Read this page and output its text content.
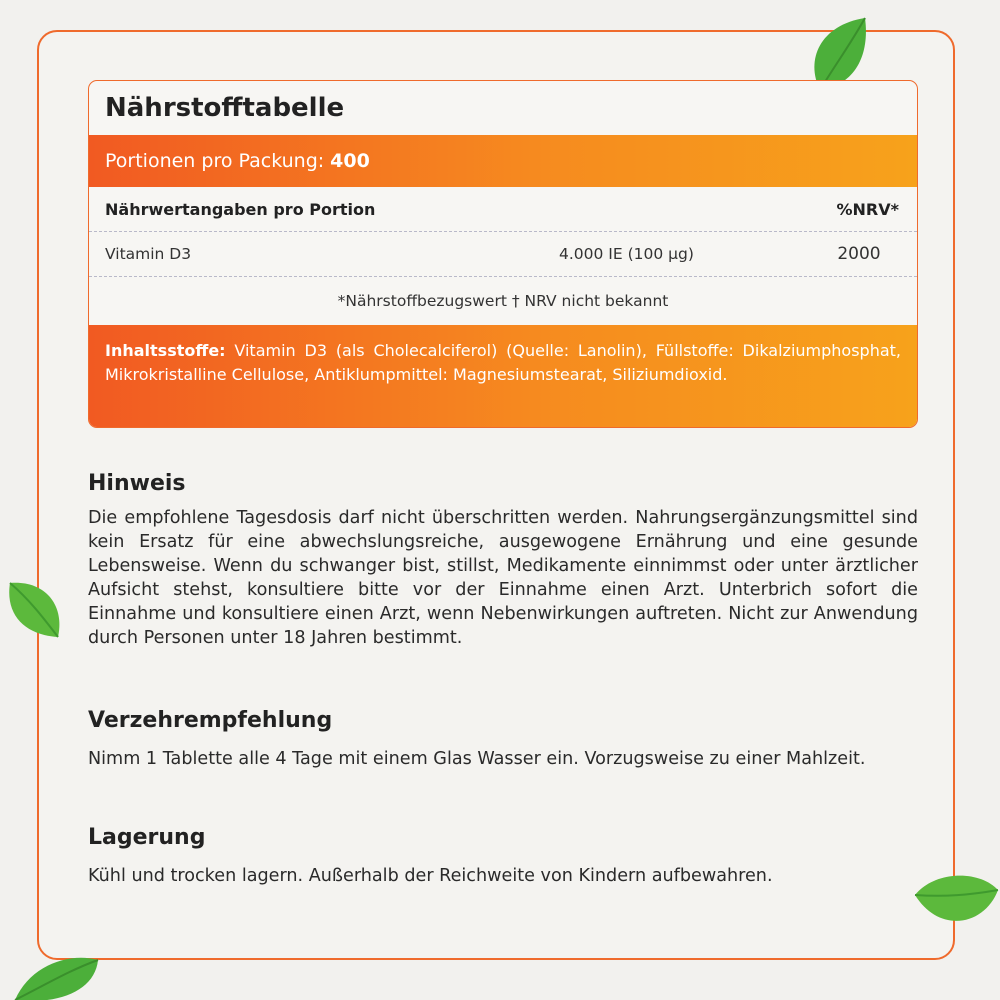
Nährstofftabelle
Portionen pro Packung: 400
Nährwertangaben pro Portion	%NRV*
Vitamin D3	4.000 IE (100 µg)	2000
*Nährstoffbezugswert † NRV nicht bekannt
Inhaltsstoffe: Vitamin D3 (als Cholecalciferol) (Quelle: Lanolin), Füllstoffe: Dikalziumphosphat, Mikrokristalline Cellulose, Antiklumpmittel: Magnesiumstearat, Siliziumdioxid.
Hinweis

Die empfohlene Tagesdosis darf nicht überschritten werden. Nahrungsergänzungsmittel sind kein Ersatz für eine abwechslungsreiche, ausgewogene Ernährung und eine gesunde Lebensweise. Wenn du schwanger bist, stillst, Medikamente einnimmst oder unter ärztlicher Aufsicht stehst, konsultiere bitte vor der Einnahme einen Arzt. Unterbrich sofort die Einnahme und konsultiere einen Arzt, wenn Nebenwirkungen auftreten. Nicht zur Anwendung durch Personen unter 18 Jahren bestimmt.

Verzehrempfehlung

Nimm 1 Tablette alle 4 Tage mit einem Glas Wasser ein. Vorzugsweise zu einer Mahlzeit.

Lagerung

Kühl und trocken lagern. Außerhalb der Reichweite von Kindern aufbewahren.
